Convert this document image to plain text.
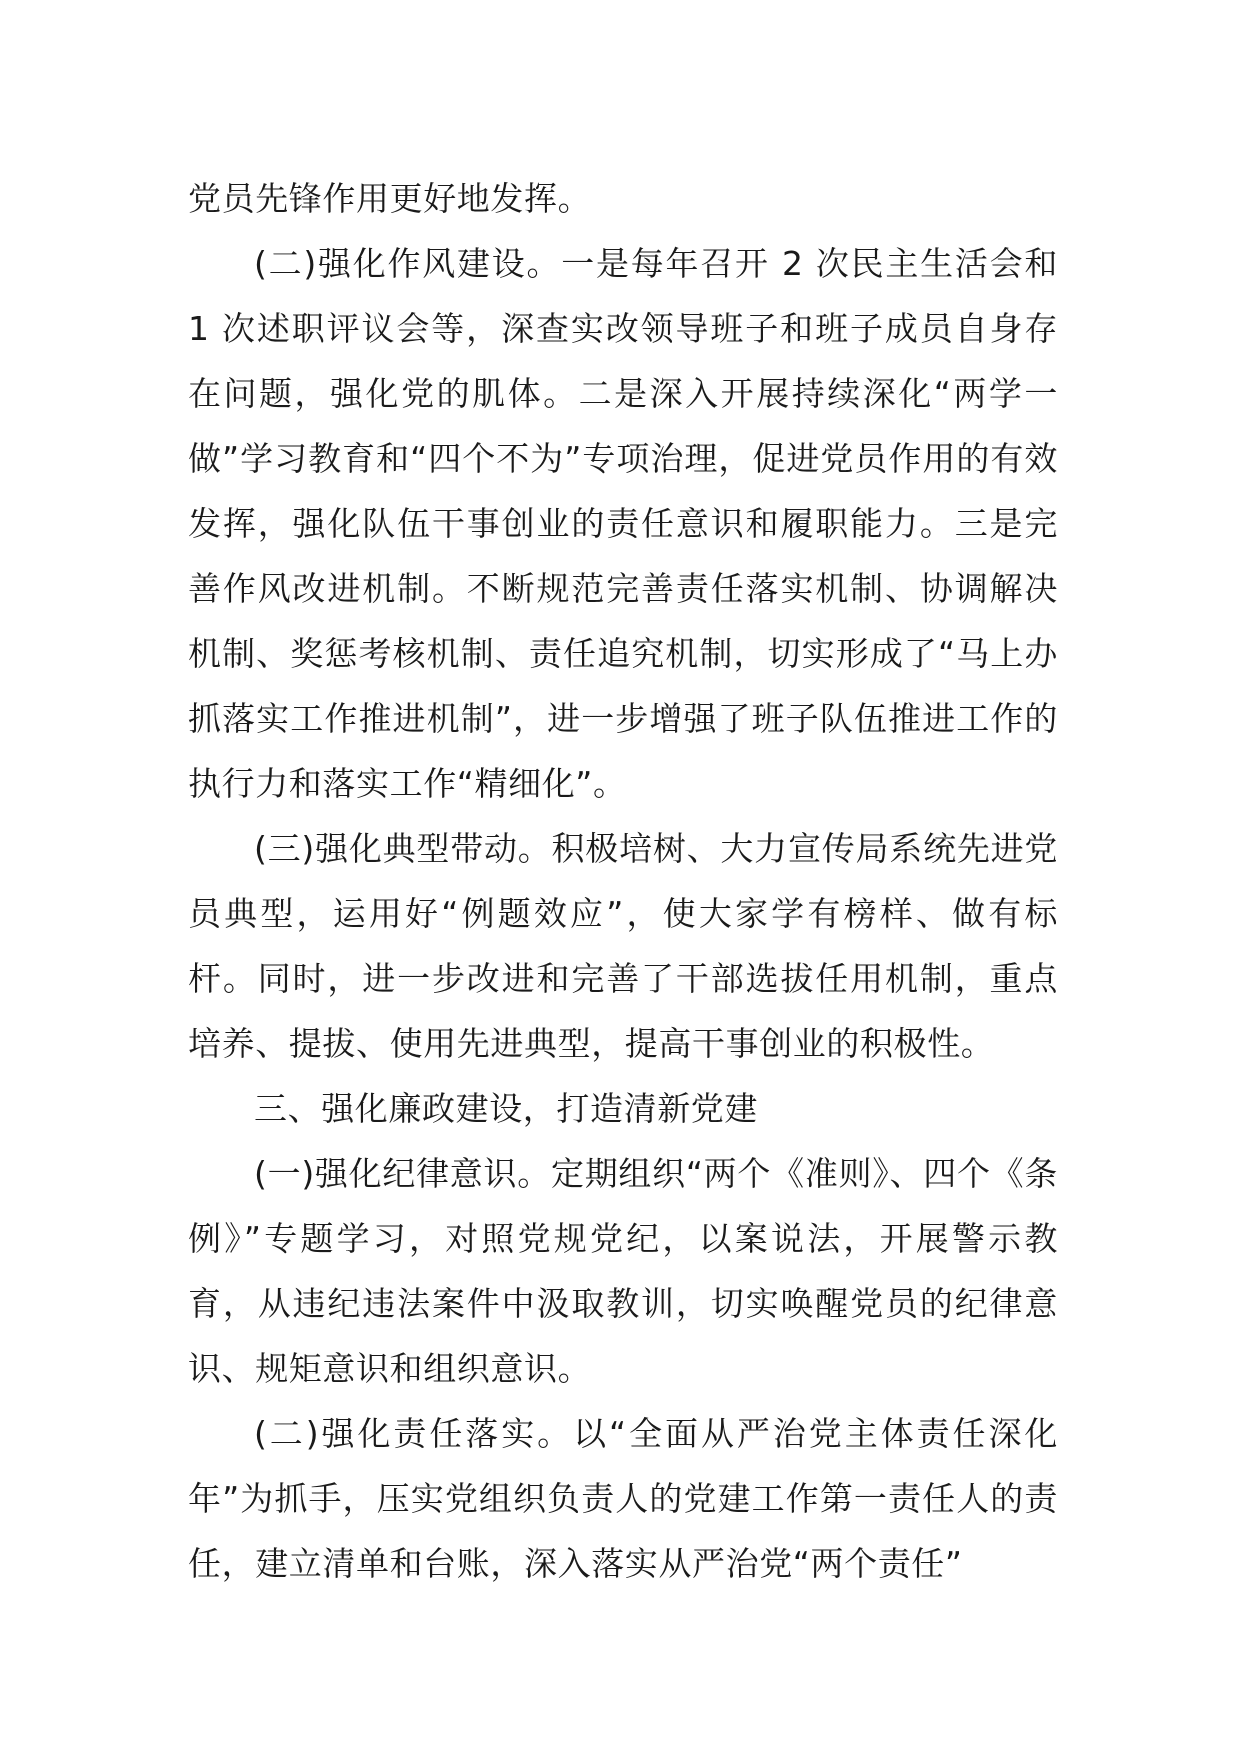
党员先锋作用更好地发挥。

(二)强化作风建设。一是每年召开 2 次民主生活会和 1 次述职评议会等，深查实改领导班子和班子成员自身存在问题，强化党的肌体。二是深入开展持续深化“两学一做”学习教育和“四个不为”专项治理，促进党员作用的有效发挥，强化队伍干事创业的责任意识和履职能力。三是完善作风改进机制。不断规范完善责任落实机制、协调解决机制、奖惩考核机制、责任追究机制，切实形成了“马上办抓落实工作推进机制”，进一步增强了班子队伍推进工作的执行力和落实工作“精细化”。

(三)强化典型带动。积极培树、大力宣传局系统先进党员典型，运用好“例题效应”，使大家学有榜样、做有标杆。同时，进一步改进和完善了干部选拔任用机制，重点培养、提拔、使用先进典型，提高干事创业的积极性。

三、强化廉政建设，打造清新党建

(一)强化纪律意识。定期组织“两个《准则》、四个《条例》”专题学习，对照党规党纪，以案说法，开展警示教育，从违纪违法案件中汲取教训，切实唤醒党员的纪律意识、规矩意识和组织意识。

(二)强化责任落实。以“全面从严治党主体责任深化年”为抓手，压实党组织负责人的党建工作第一责任人的责任，建立清单和台账，深入落实从严治党“两个责任”
